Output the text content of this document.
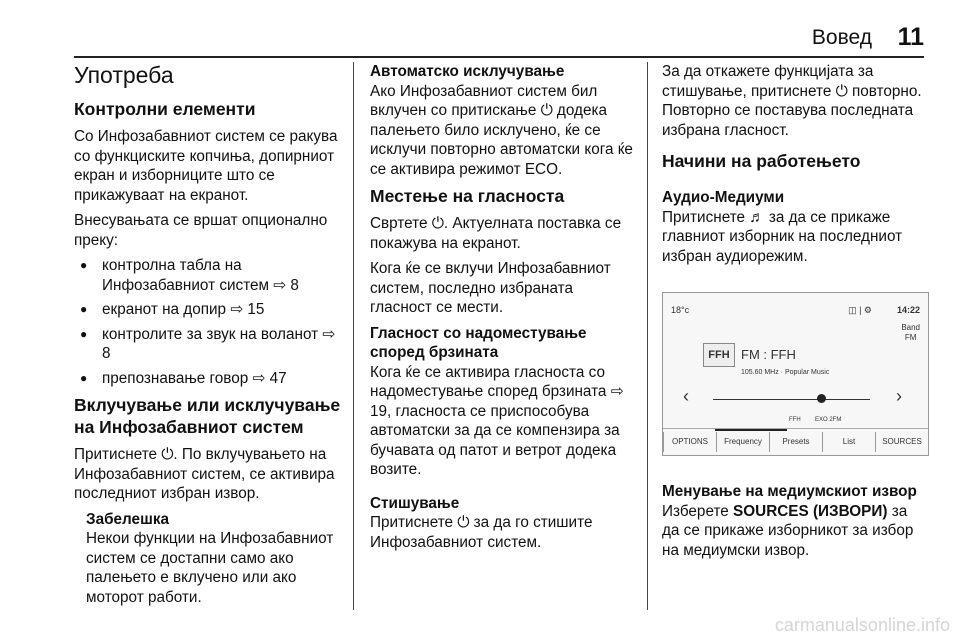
Вовед 11
Употреба
Контролни елементи

Со Инфозабавниот систем се ракува со функциските копчиња, допирниот екран и изборниците што се прикажуваат на екранот.

Внесувањата се вршат опционално преку:

● контролна табла на Инфозабавниот систем ⇨ 8
● екранот на допир ⇨ 15
● контролите за звук на воланот ⇨ 8
● препознавање говор ⇨ 47
Вклучување или исклучување на Инфозабавниот систем

Притиснете ⏻. По вклучувањето на Инфозабавниот систем, се активира последниот избран извор.

Забелешка
Некои функции на Инфозабавниот систем се достапни само ако палењето е вклучено или ако моторот работи.
Автоматско исклучување

Ако Инфозабавниот систем бил вклучен со притискање ⏻ додека палењето било исклучено, ќе се исклучи повторно автоматски кога ќе се активира режимот ECO.

Местење на гласноста

Свртете ⏻. Актуелната поставка се покажува на екранот.

Кога ќе се вклучи Инфозабавниот систем, последно избраната гласност се мести.

Гласност со надоместување според брзината

Кога ќе се активира гласноста со надоместување според брзината ⇨ 19, гласноста се приспособува автоматски за да се компензира за бучавата од патот и ветрот додека возите.

Стишување

Притиснете ⏻ за да го стишите Инфозабавниот систем.

За да откажете функцијата за стишување, притиснете ⏻ повторно. Повторно се поставува последната избрана гласност.

Начини на работењето
Аудио-Медиуми

Притиснете ♬ за да се прикаже главниот изборник на последниот избран аудиорежим.

18°c	◫ | ⚙	14:22
Band
FM
FFH FM : FFH
105.60 MHz · Popular Music
‹	›
FFH EXO 2FM
OPTIONS	Frequency	Presets	List	SOURCES
Менување на медиумскиот извор

Изберете SOURCES (ИЗВОРИ) за да се прикаже изборникот за избор на медиумски извор.

carmanualsonline.info
